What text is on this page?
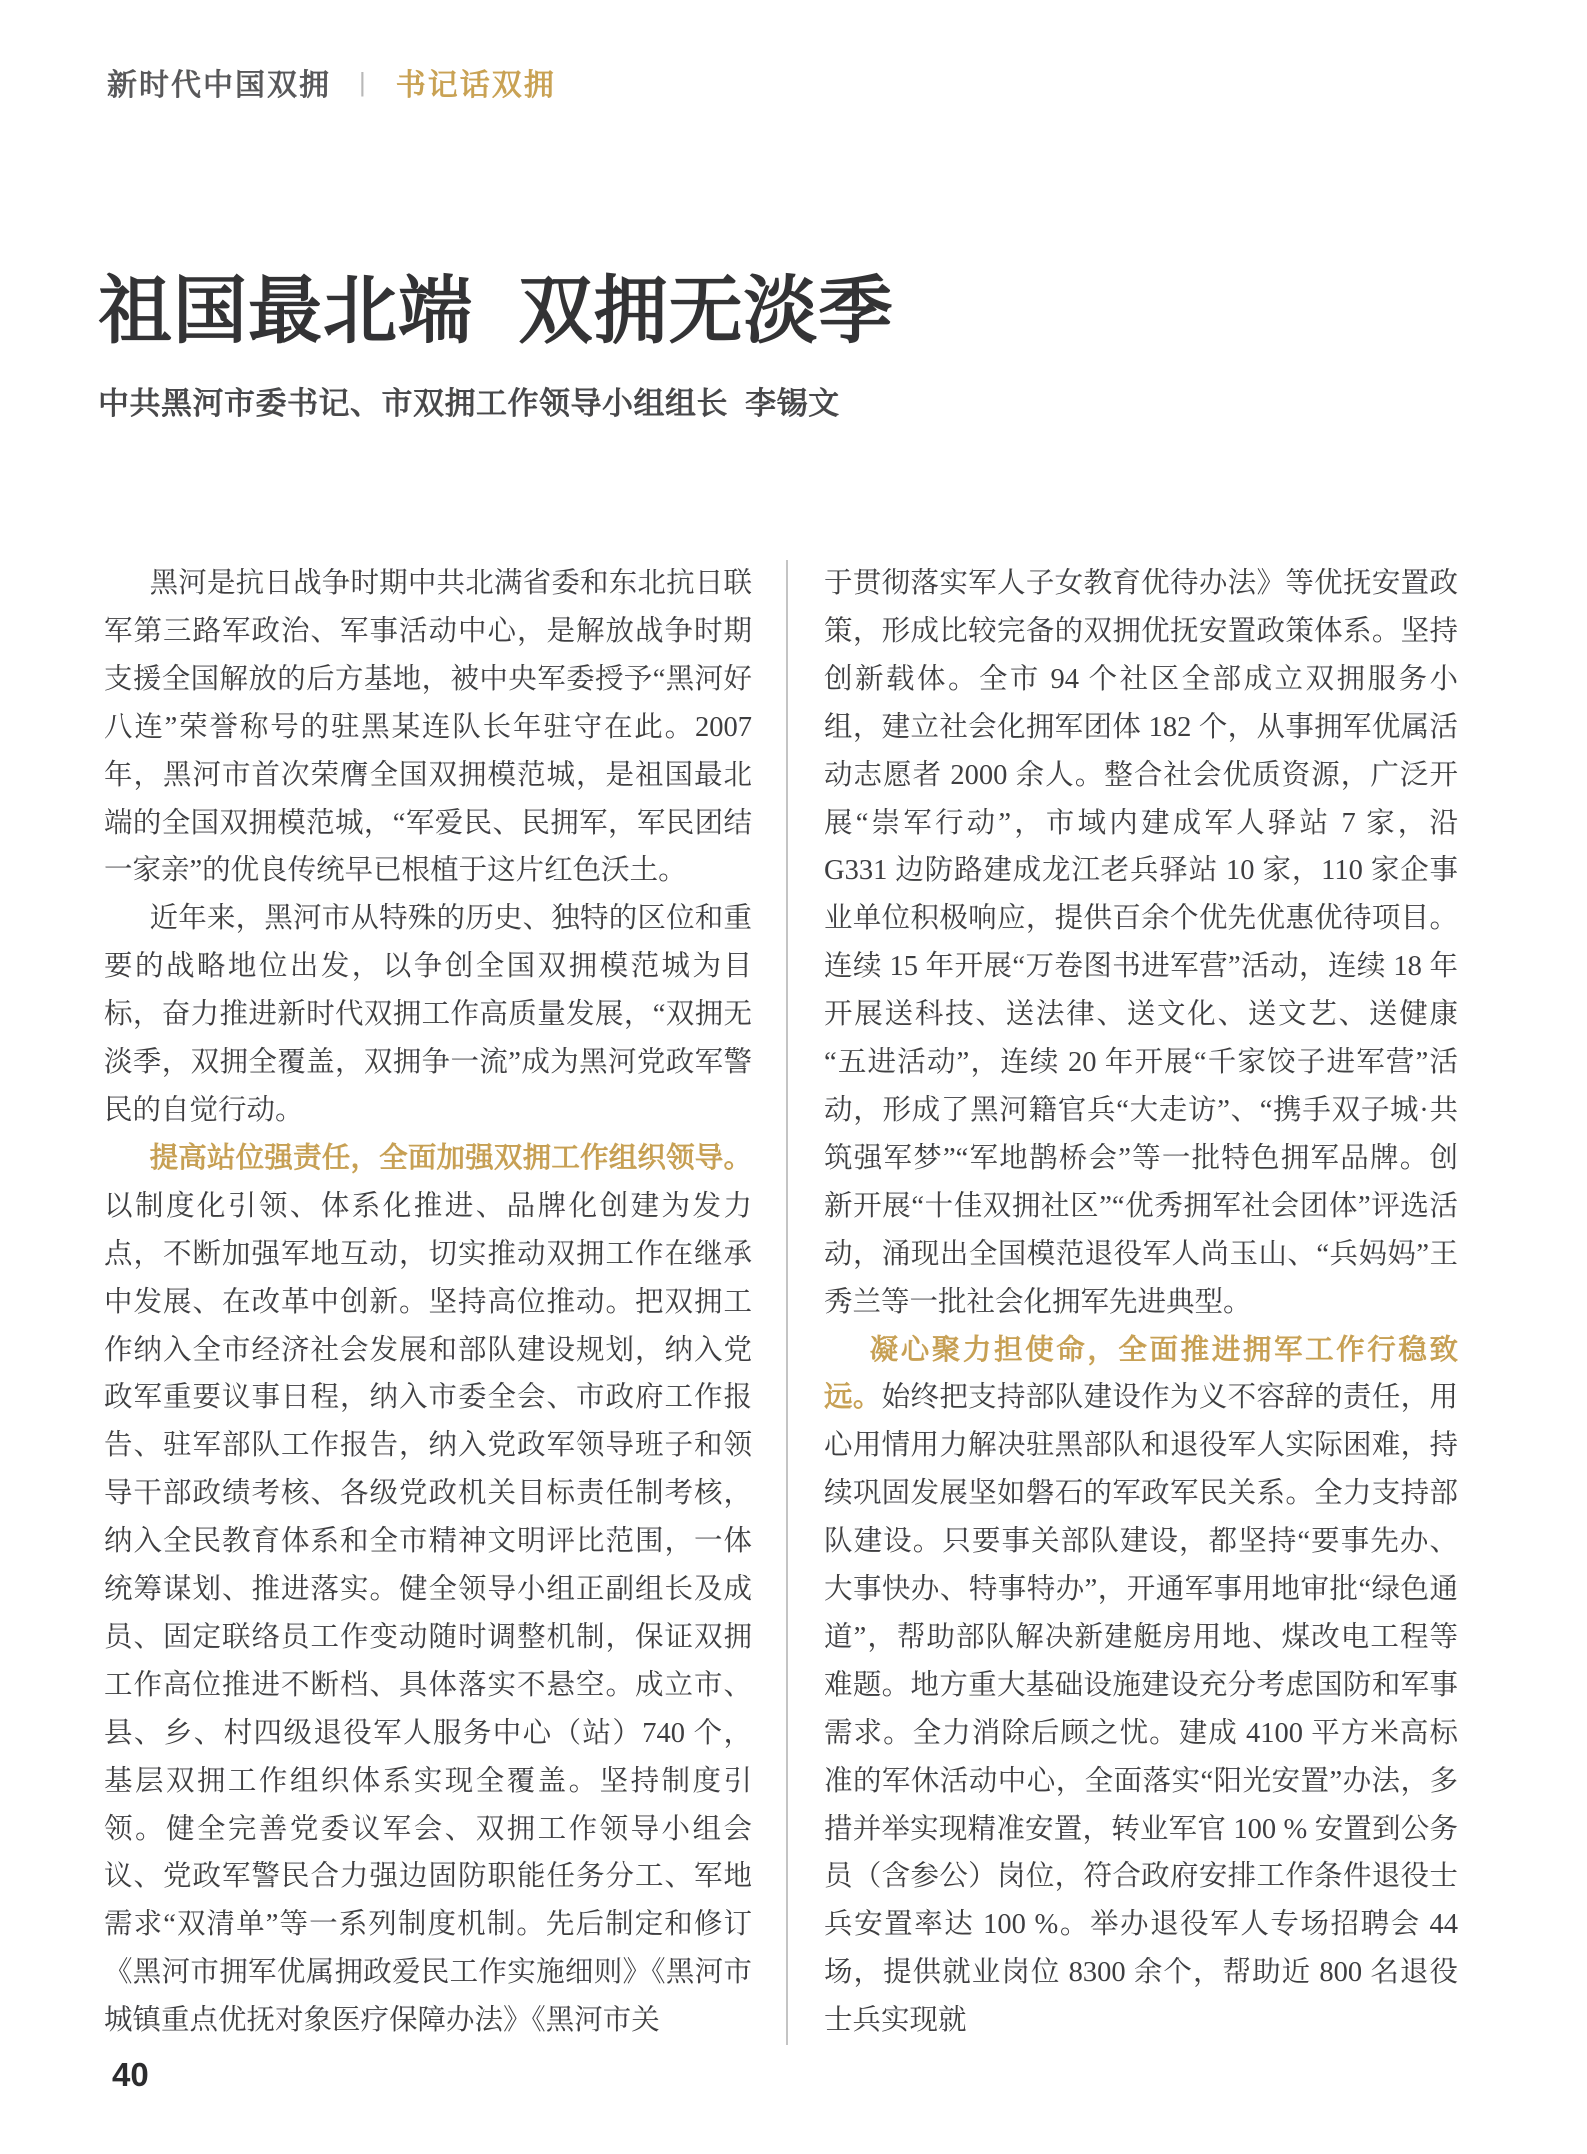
新时代中国双拥 | 书记话双拥
祖国最北端 双拥无淡季
中共黑河市委书记、市双拥工作领导小组组长 李锡文

黑河是抗日战争时期中共北满省委和东北抗日联军第三路军政治、军事活动中心，是解放战争时期支援全国解放的后方基地，被中央军委授予“黑河好八连”荣誉称号的驻黑某连队长年驻守在此。2007 年，黑河市首次荣膺全国双拥模范城，是祖国最北端的全国双拥模范城，“军爱民、民拥军，军民团结一家亲”的优良传统早已根植于这片红色沃土。

近年来，黑河市从特殊的历史、独特的区位和重要的战略地位出发，以争创全国双拥模范城为目标，奋力推进新时代双拥工作高质量发展，“双拥无淡季，双拥全覆盖，双拥争一流”成为黑河党政军警民的自觉行动。

提高站位强责任，全面加强双拥工作组织领导。以制度化引领、体系化推进、品牌化创建为发力点，不断加强军地互动，切实推动双拥工作在继承中发展、在改革中创新。坚持高位推动。把双拥工作纳入全市经济社会发展和部队建设规划，纳入党政军重要议事日程，纳入市委全会、市政府工作报告、驻军部队工作报告，纳入党政军领导班子和领导干部政绩考核、各级党政机关目标责任制考核，纳入全民教育体系和全市精神文明评比范围，一体统筹谋划、推进落实。健全领导小组正副组长及成员、固定联络员工作变动随时调整机制，保证双拥工作高位推进不断档、具体落实不悬空。成立市、县、乡、村四级退役军人服务中心（站）740 个，基层双拥工作组织体系实现全覆盖。坚持制度引领。健全完善党委议军会、双拥工作领导小组会议、党政军警民合力强边固防职能任务分工、军地需求“双清单”等一系列制度机制。先后制定和修订《黑河市拥军优属拥政爱民工作实施细则》《黑河市城镇重点优抚对象医疗保障办法》《黑河市关

于贯彻落实军人子女教育优待办法》等优抚安置政策，形成比较完备的双拥优抚安置政策体系。坚持创新载体。全市 94 个社区全部成立双拥服务小组，建立社会化拥军团体 182 个，从事拥军优属活动志愿者 2000 余人。整合社会优质资源，广泛开展“崇军行动”，市域内建成军人驿站 7 家，沿 G331 边防路建成龙江老兵驿站 10 家，110 家企事业单位积极响应，提供百余个优先优惠优待项目。连续 15 年开展“万卷图书进军营”活动，连续 18 年开展送科技、送法律、送文化、送文艺、送健康“五进活动”，连续 20 年开展“千家饺子进军营”活动，形成了黑河籍官兵“大走访”、“携手双子城·共筑强军梦”“军地鹊桥会”等一批特色拥军品牌。创新开展“十佳双拥社区”“优秀拥军社会团体”评选活动，涌现出全国模范退役军人尚玉山、“兵妈妈”王秀兰等一批社会化拥军先进典型。

凝心聚力担使命，全面推进拥军工作行稳致远。始终把支持部队建设作为义不容辞的责任，用心用情用力解决驻黑部队和退役军人实际困难，持续巩固发展坚如磐石的军政军民关系。全力支持部队建设。只要事关部队建设，都坚持“要事先办、大事快办、特事特办”，开通军事用地审批“绿色通道”，帮助部队解决新建艇房用地、煤改电工程等难题。地方重大基础设施建设充分考虑国防和军事需求。全力消除后顾之忧。建成 4100 平方米高标准的军休活动中心，全面落实“阳光安置”办法，多措并举实现精准安置，转业军官 100 % 安置到公务员（含参公）岗位，符合政府安排工作条件退役士兵安置率达 100 %。举办退役军人专场招聘会 44 场，提供就业岗位 8300 余个，帮助近 800 名退役士兵实现就

40
